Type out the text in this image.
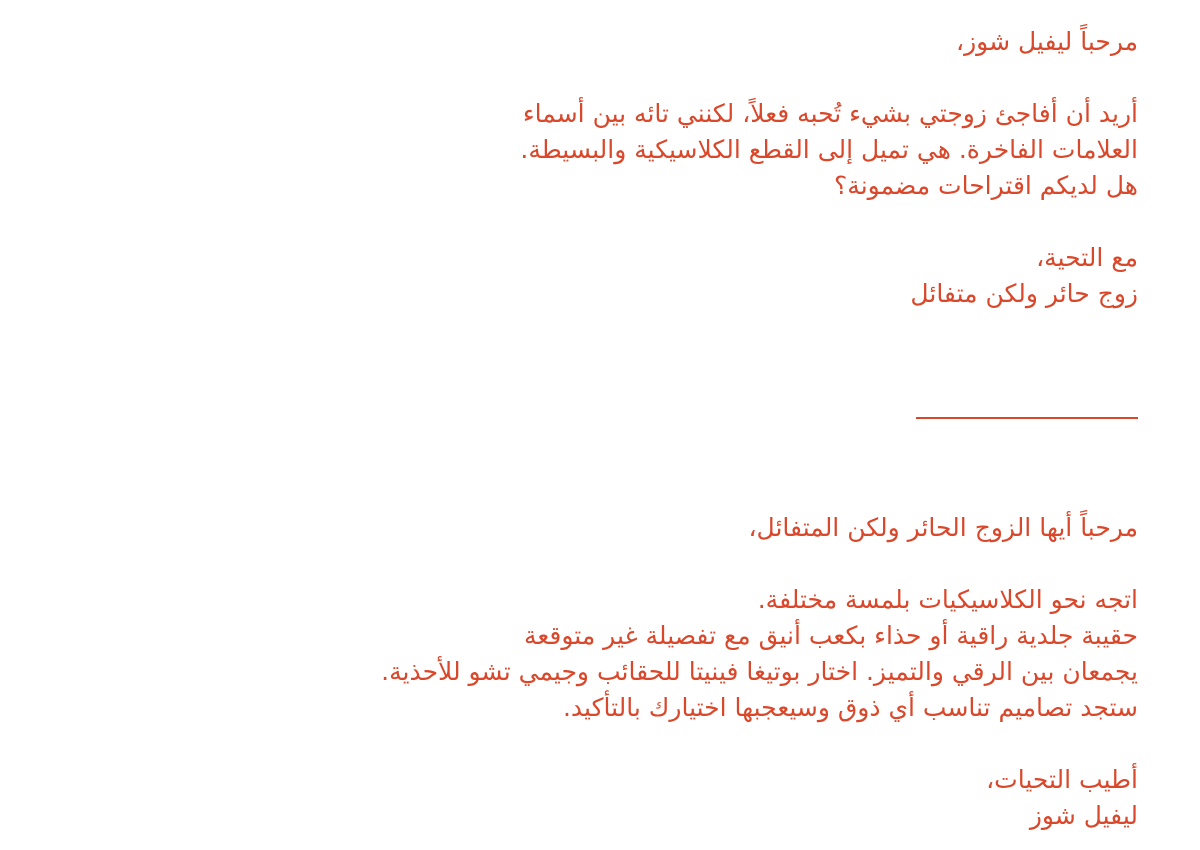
مرحباً ليفيل شوز،
أريد أن أفاجئ زوجتي بشيء تُحبه فعلاً، لكنني تائه بين أسماء
العلامات الفاخرة. هي تميل إلى القطع الكلاسيكية والبسيطة.
هل لديكم اقتراحات مضمونة؟
مع التحية،
زوج حائر ولكن متفائل
مرحباً أيها الزوج الحائر ولكن المتفائل،
اتجه نحو الكلاسيكيات بلمسة مختلفة.
حقيبة جلدية راقية أو حذاء بكعب أنيق مع تفصيلة غير متوقعة
يجمعان بين الرقي والتميز. اختار بوتيغا فينيتا للحقائب وجيمي تشو للأحذية.
ستجد تصاميم تناسب أي ذوق وسيعجبها اختيارك بالتأكيد.
أطيب التحيات،
ليفيل شوز
